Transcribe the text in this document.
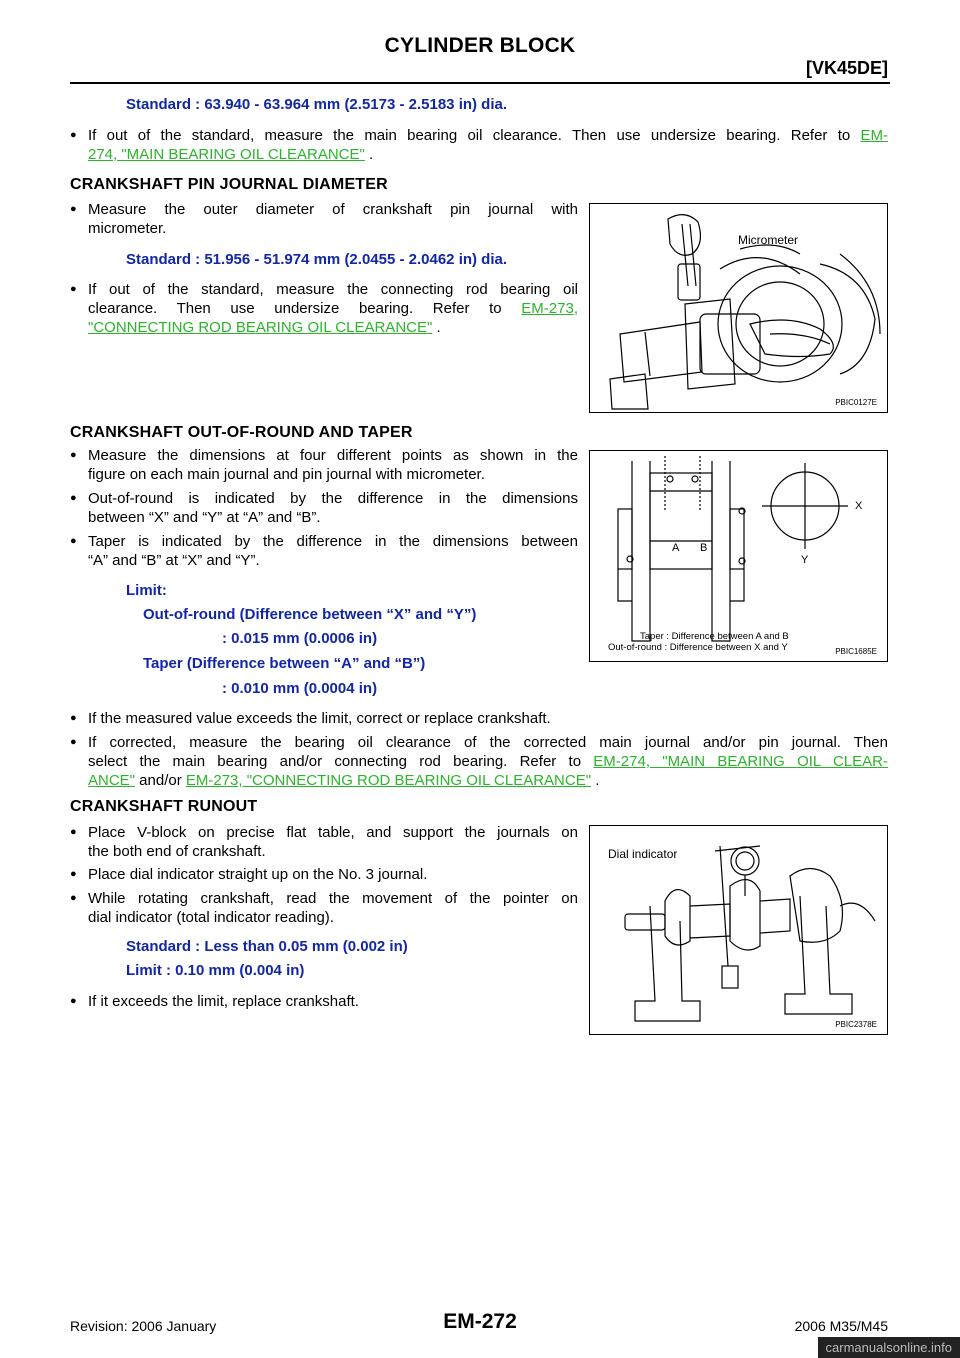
CYLINDER BLOCK
[VK45DE]
Standard : 63.940 - 63.964 mm (2.5173 - 2.5183 in) dia.
● If out of the standard, measure the main bearing oil clearance. Then use undersize bearing. Refer to EM-
274, "MAIN BEARING OIL CLEARANCE" .
CRANKSHAFT PIN JOURNAL DIAMETER
● Measure the outer diameter of crankshaft pin journal with
micrometer.
Standard : 51.956 - 51.974 mm (2.0455 - 2.0462 in) dia.
● If out of the standard, measure the connecting rod bearing oil
clearance. Then use undersize bearing. Refer to EM-273,
"CONNECTING ROD BEARING OIL CLEARANCE" .
Micrometer
PBIC0127E
CRANKSHAFT OUT-OF-ROUND AND TAPER
● Measure the dimensions at four different points as shown in the
figure on each main journal and pin journal with micrometer.
● Out-of-round is indicated by the difference in the dimensions
between “X” and “Y” at “A” and “B”.
● Taper is indicated by the difference in the dimensions between
“A” and “B” at “X” and “Y”.
Limit:
Out-of-round (Difference between “X” and “Y”)
: 0.015 mm (0.0006 in)
Taper (Difference between “A” and “B”)
: 0.010 mm (0.0004 in)
A B
X
Y
Taper : Difference between A and B
Out-of-round : Difference between X and Y	PBIC1685E
● If the measured value exceeds the limit, correct or replace crankshaft.
● If corrected, measure the bearing oil clearance of the corrected main journal and/or pin journal. Then
select the main bearing and/or connecting rod bearing. Refer to EM-274, "MAIN BEARING OIL CLEAR-
ANCE" and/or EM-273, "CONNECTING ROD BEARING OIL CLEARANCE" .
CRANKSHAFT RUNOUT
● Place V-block on precise flat table, and support the journals on
the both end of crankshaft.
● Place dial indicator straight up on the No. 3 journal.
● While rotating crankshaft, read the movement of the pointer on
dial indicator (total indicator reading).
Standard : Less than 0.05 mm (0.002 in)
Limit : 0.10 mm (0.004 in)
● If it exceeds the limit, replace crankshaft.
Dial indicator
PBIC2378E
Revision: 2006 January	EM-272	2006 M35/M45
carmanualsonline.info
